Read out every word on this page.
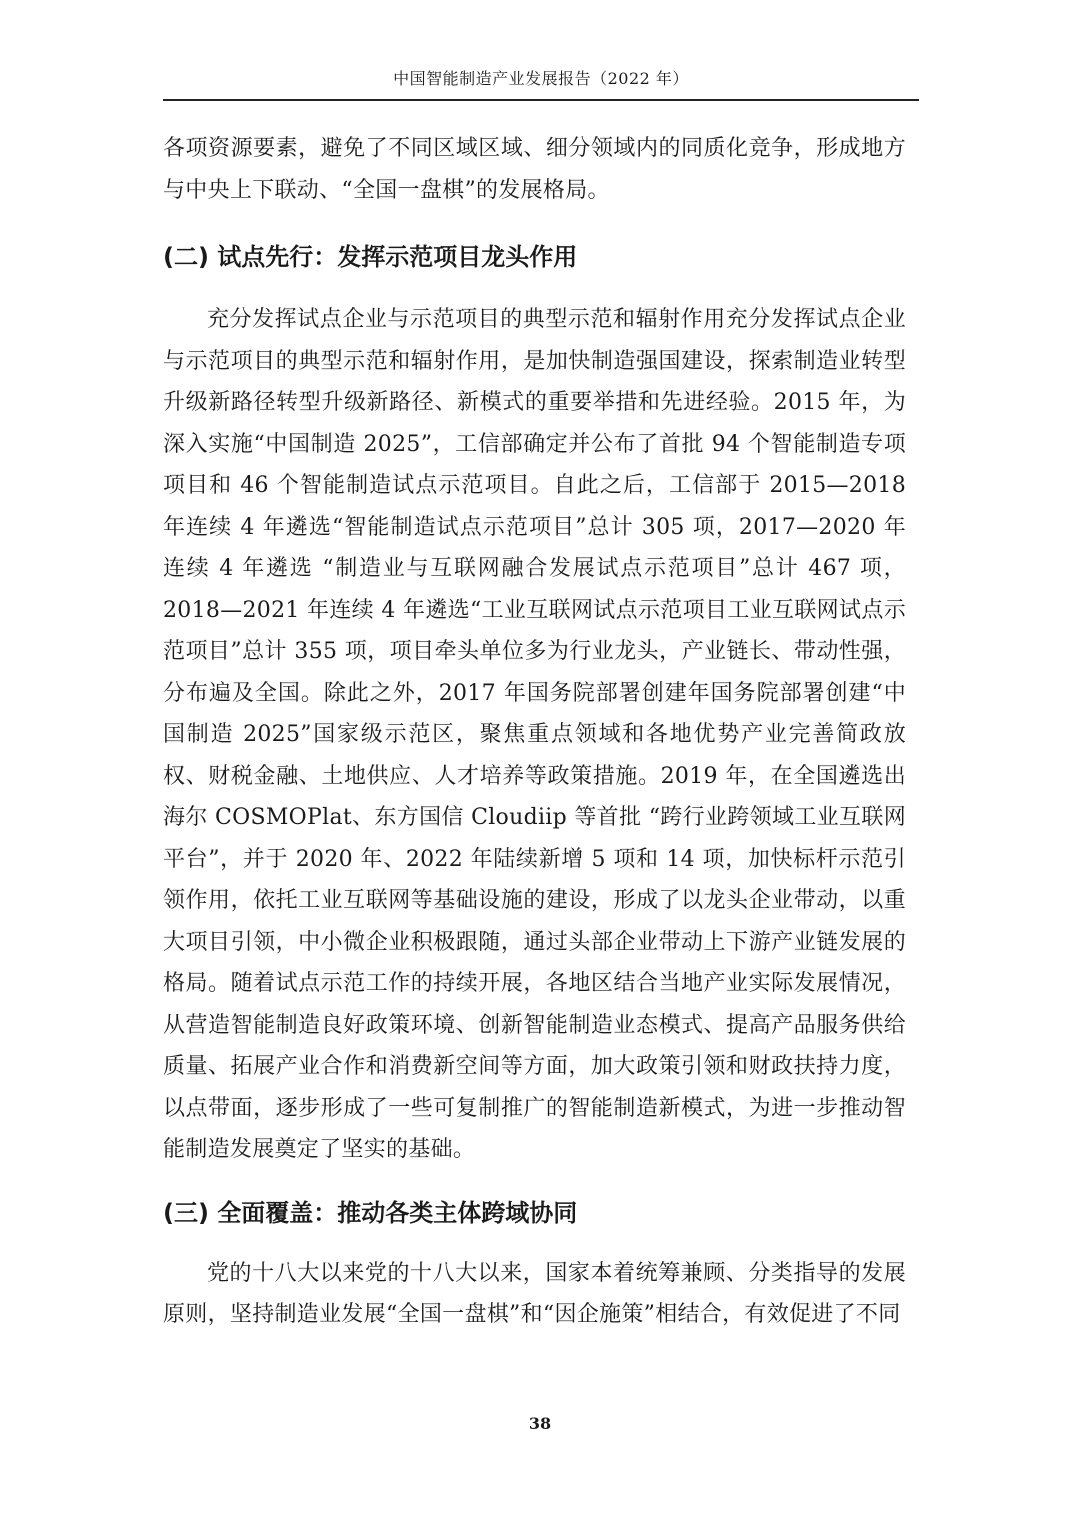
中国智能制造产业发展报告（2022 年）

各项资源要素，避免了不同区域区域、细分领域内的同质化竞争，形成地方与中央上下联动、“全国一盘棋”的发展格局。

(二) 试点先行：发挥示范项目龙头作用

充分发挥试点企业与示范项目的典型示范和辐射作用充分发挥试点企业与示范项目的典型示范和辐射作用，是加快制造强国建设，探索制造业转型升级新路径转型升级新路径、新模式的重要举措和先进经验。2015 年，为深入实施“中国制造 2025”，工信部确定并公布了首批 94 个智能制造专项项目和 46 个智能制造试点示范项目。自此之后，工信部于 2015—2018 年连续 4 年遴选“智能制造试点示范项目”总计 305 项，2017—2020 年连续 4 年遴选 “制造业与互联网融合发展试点示范项目”总计 467 项，2018—2021 年连续 4 年遴选“工业互联网试点示范项目工业互联网试点示范项目”总计 355 项，项目牵头单位多为行业龙头，产业链长、带动性强，分布遍及全国。除此之外，2017 年国务院部署创建年国务院部署创建“中国制造 2025”国家级示范区，聚焦重点领域和各地优势产业完善简政放权、财税金融、土地供应、人才培养等政策措施。2019 年，在全国遴选出海尔 COSMOPlat、东方国信 Cloudiip 等首批 “跨行业跨领域工业互联网平台”，并于 2020 年、2022 年陆续新增 5 项和 14 项，加快标杆示范引领作用，依托工业互联网等基础设施的建设，形成了以龙头企业带动，以重大项目引领，中小微企业积极跟随，通过头部企业带动上下游产业链发展的格局。随着试点示范工作的持续开展，各地区结合当地产业实际发展情况，从营造智能制造良好政策环境、创新智能制造业态模式、提高产品服务供给质量、拓展产业合作和消费新空间等方面，加大政策引领和财政扶持力度，以点带面，逐步形成了一些可复制推广的智能制造新模式，为进一步推动智能制造发展奠定了坚实的基础。

(三) 全面覆盖：推动各类主体跨域协同

党的十八大以来党的十八大以来，国家本着统筹兼顾、分类指导的发展原则，坚持制造业发展“全国一盘棋”和“因企施策”相结合，有效促进了不同

38
